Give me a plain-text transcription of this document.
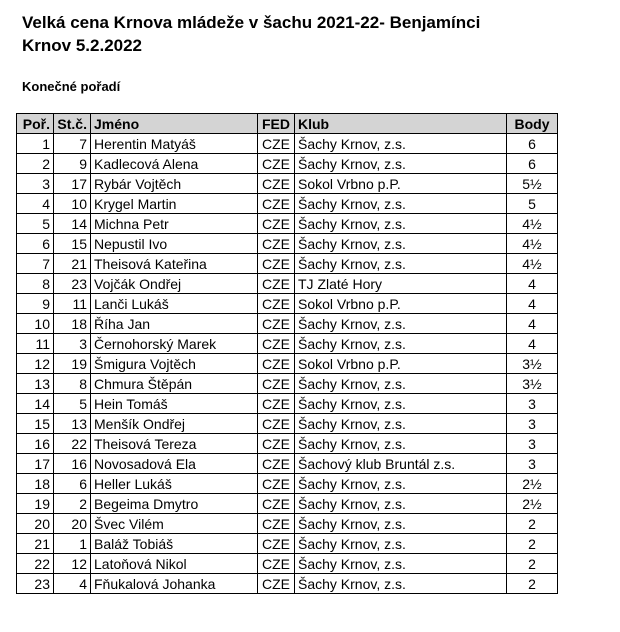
Velká cena Krnova mládeže v šachu 2021-22- Benjamínci
Krnov 5.2.2022
Konečné pořadí
Poř.	St.č.	Jméno	FED	Klub	Body
1	7	Herentin Matyáš	CZE	Šachy Krnov, z.s.	6
2	9	Kadlecová Alena	CZE	Šachy Krnov, z.s.	6
3	17	Rybár Vojtěch	CZE	Sokol Vrbno p.P.	5½
4	10	Krygel Martin	CZE	Šachy Krnov, z.s.	5
5	14	Michna Petr	CZE	Šachy Krnov, z.s.	4½
6	15	Nepustil Ivo	CZE	Šachy Krnov, z.s.	4½
7	21	Theisová Kateřina	CZE	Šachy Krnov, z.s.	4½
8	23	Vojčák Ondřej	CZE	TJ Zlaté Hory	4
9	11	Lanči Lukáš	CZE	Sokol Vrbno p.P.	4
10	18	Říha Jan	CZE	Šachy Krnov, z.s.	4
11	3	Černohorský Marek	CZE	Šachy Krnov, z.s.	4
12	19	Šmigura Vojtěch	CZE	Sokol Vrbno p.P.	3½
13	8	Chmura Štěpán	CZE	Šachy Krnov, z.s.	3½
14	5	Hein Tomáš	CZE	Šachy Krnov, z.s.	3
15	13	Menšík Ondřej	CZE	Šachy Krnov, z.s.	3
16	22	Theisová Tereza	CZE	Šachy Krnov, z.s.	3
17	16	Novosadová Ela	CZE	Šachový klub Bruntál z.s.	3
18	6	Heller Lukáš	CZE	Šachy Krnov, z.s.	2½
19	2	Begeima Dmytro	CZE	Šachy Krnov, z.s.	2½
20	20	Švec Vilém	CZE	Šachy Krnov, z.s.	2
21	1	Baláž Tobiáš	CZE	Šachy Krnov, z.s.	2
22	12	Latoňová Nikol	CZE	Šachy Krnov, z.s.	2
23	4	Fňukalová Johanka	CZE	Šachy Krnov, z.s.	2
